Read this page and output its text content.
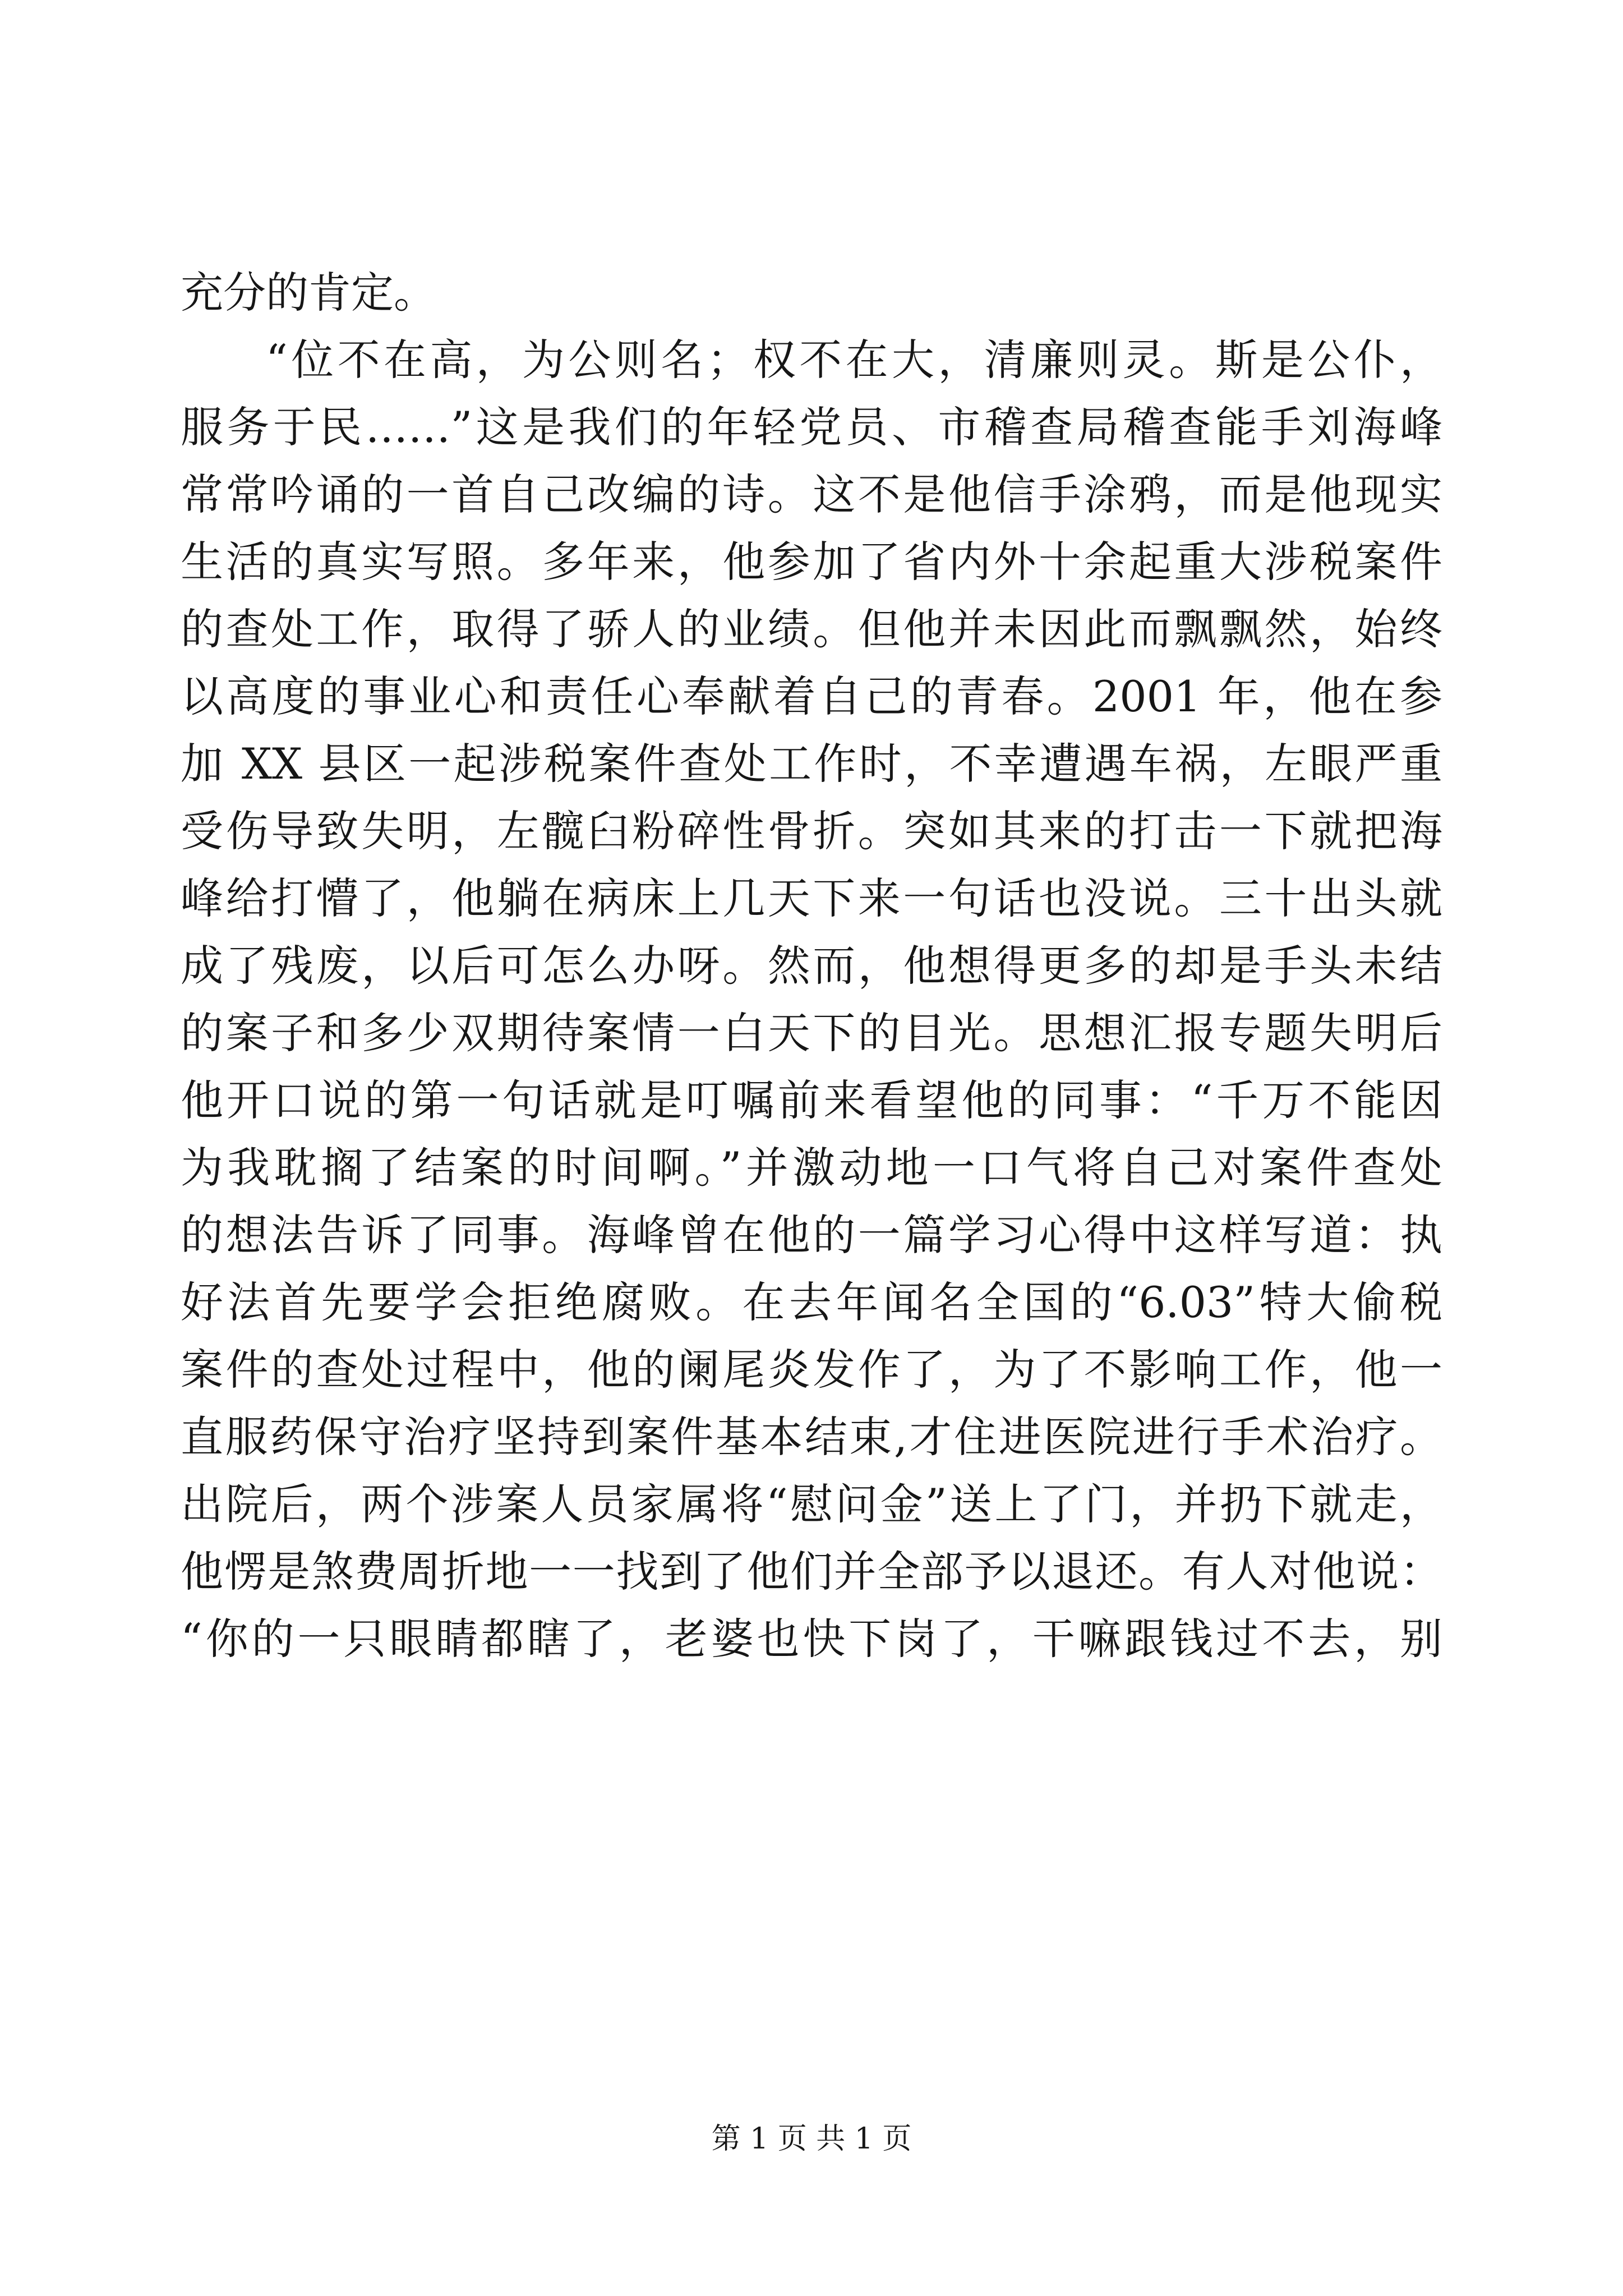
充分的肯定。
“位不在高，为公则名；权不在大，清廉则灵。斯是公仆，
服务于民……”这是我们的年轻党员、市稽查局稽查能手刘海峰
常常吟诵的一首自己改编的诗。这不是他信手涂鸦，而是他现实
生活的真实写照。多年来，他参加了省内外十余起重大涉税案件
的查处工作，取得了骄人的业绩。但他并未因此而飘飘然，始终
以高度的事业心和责任心奉献着自己的青春。2001 年，他在参
加 XX 县区一起涉税案件查处工作时，不幸遭遇车祸，左眼严重
受伤导致失明，左髋臼粉碎性骨折。突如其来的打击一下就把海
峰给打懵了，他躺在病床上几天下来一句话也没说。三十出头就
成了残废，以后可怎么办呀。然而，他想得更多的却是手头未结
的案子和多少双期待案情一白天下的目光。思想汇报专题失明后
他开口说的第一句话就是叮嘱前来看望他的同事：“千万不能因
为我耽搁了结案的时间啊。”并激动地一口气将自己对案件查处
的想法告诉了同事。海峰曾在他的一篇学习心得中这样写道：执
好法首先要学会拒绝腐败。在去年闻名全国的“6.03”特大偷税
案件的查处过程中，他的阑尾炎发作了，为了不影响工作，他一
直服药保守治疗坚持到案件基本结束,才住进医院进行手术治疗。
出院后，两个涉案人员家属将“慰问金”送上了门，并扔下就走，
他愣是煞费周折地一一找到了他们并全部予以退还。有人对他说：
“你的一只眼睛都瞎了，老婆也快下岗了，干嘛跟钱过不去，别
第 1 页 共 1 页
